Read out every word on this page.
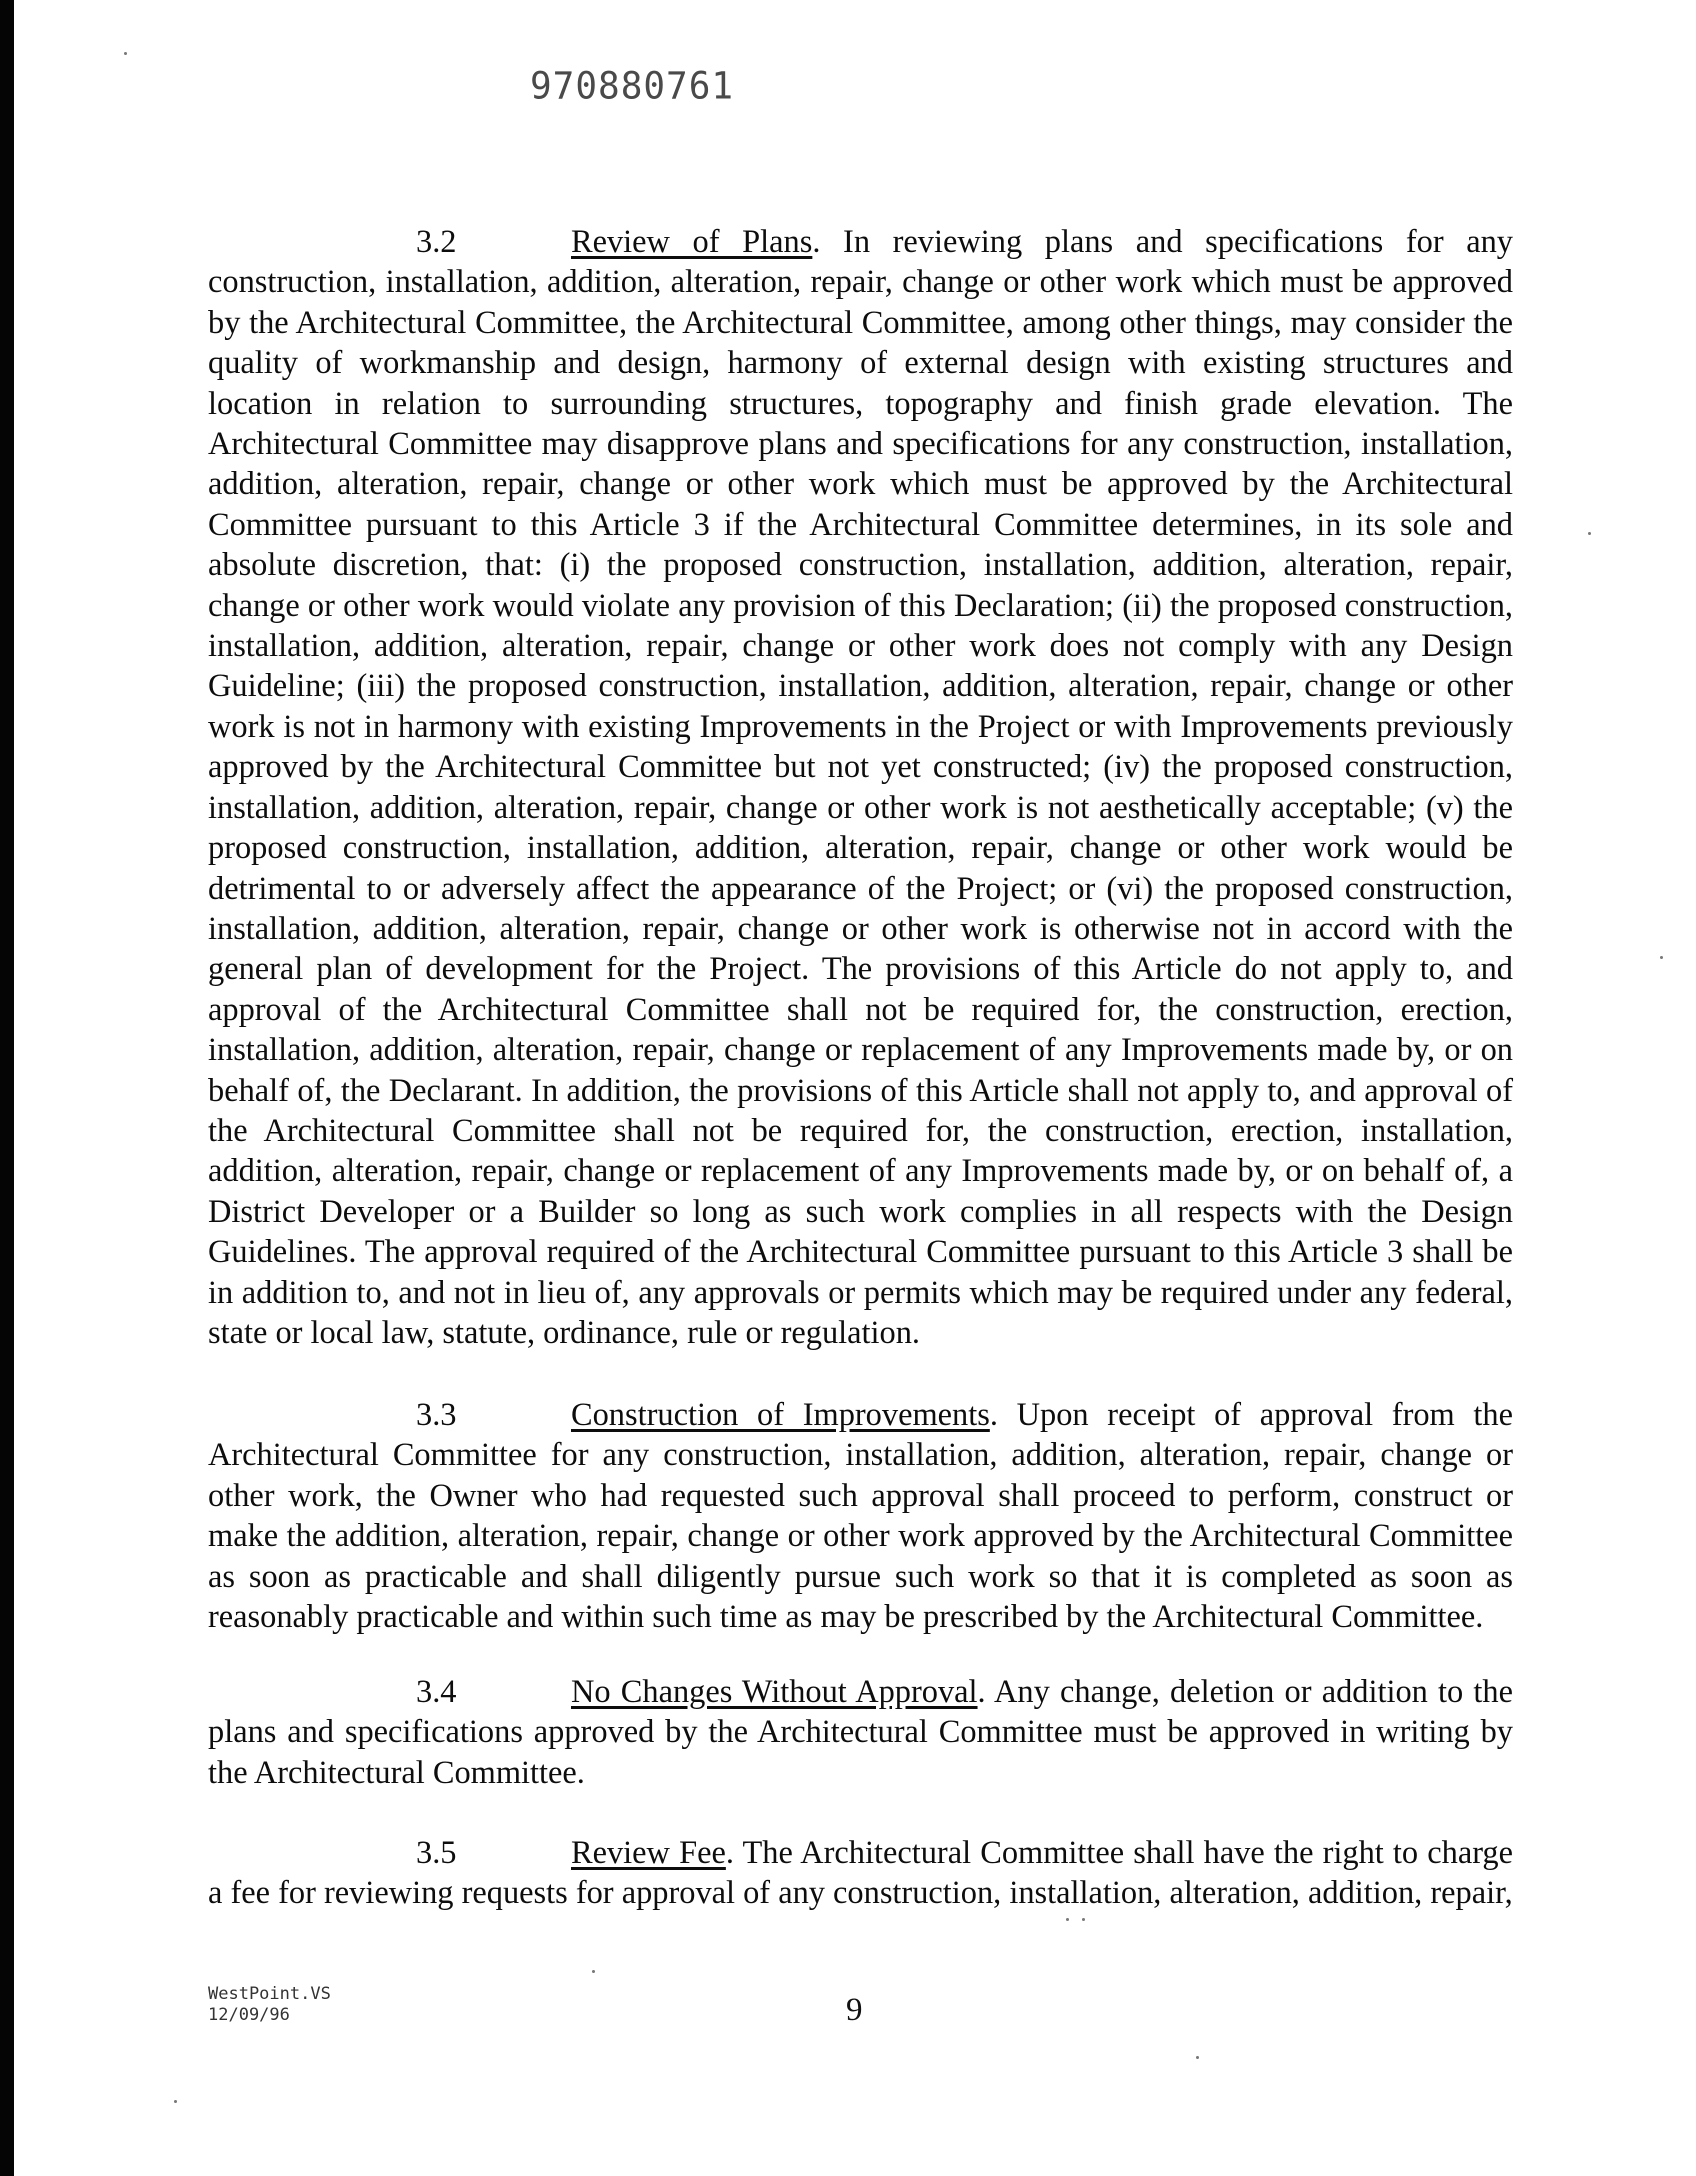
970880761

3.2	Review of Plans. In reviewing plans and specifications for any construction, installation, addition, alteration, repair, change or other work which must be approved by the Architectural Committee, the Architectural Committee, among other things, may consider the quality of workmanship and design, harmony of external design with existing structures and location in relation to surrounding structures, topography and finish grade elevation. The Architectural Committee may disapprove plans and specifications for any construction, installation, addition, alteration, repair, change or other work which must be approved by the Architectural Committee pursuant to this Article 3 if the Architectural Committee determines, in its sole and absolute discretion, that: (i) the proposed construction, installation, addition, alteration, repair, change or other work would violate any provision of this Declaration; (ii) the proposed construction, installation, addition, alteration, repair, change or other work does not comply with any Design Guideline; (iii) the proposed construction, installation, addition, alteration, repair, change or other work is not in harmony with existing Improvements in the Project or with Improvements previously approved by the Architectural Committee but not yet constructed; (iv) the proposed construction, installation, addition, alteration, repair, change or other work is not aesthetically acceptable; (v) the proposed construction, installation, addition, alteration, repair, change or other work would be detrimental to or adversely affect the appearance of the Project; or (vi) the proposed construction, installation, addition, alteration, repair, change or other work is otherwise not in accord with the general plan of development for the Project. The provisions of this Article do not apply to, and approval of the Architectural Committee shall not be required for, the construction, erection, installation, addition, alteration, repair, change or replacement of any Improvements made by, or on behalf of, the Declarant. In addition, the provisions of this Article shall not apply to, and approval of the Architectural Committee shall not be required for, the construction, erection, installation, addition, alteration, repair, change or replacement of any Improvements made by, or on behalf of, a District Developer or a Builder so long as such work complies in all respects with the Design Guidelines. The approval required of the Architectural Committee pursuant to this Article 3 shall be in addition to, and not in lieu of, any approvals or permits which may be required under any federal, state or local law, statute, ordinance, rule or regulation.

3.3	Construction of Improvements. Upon receipt of approval from the Architectural Committee for any construction, installation, addition, alteration, repair, change or other work, the Owner who had requested such approval shall proceed to perform, construct or make the addition, alteration, repair, change or other work approved by the Architectural Committee as soon as practicable and shall diligently pursue such work so that it is completed as soon as reasonably practicable and within such time as may be prescribed by the Architectural Committee.

3.4	No Changes Without Approval. Any change, deletion or addition to the plans and specifications approved by the Architectural Committee must be approved in writing by the Architectural Committee.

3.5	Review Fee. The Architectural Committee shall have the right to charge a fee for reviewing requests for approval of any construction, installation, alteration, addition, repair,

WestPoint.VS
12/09/96	9
